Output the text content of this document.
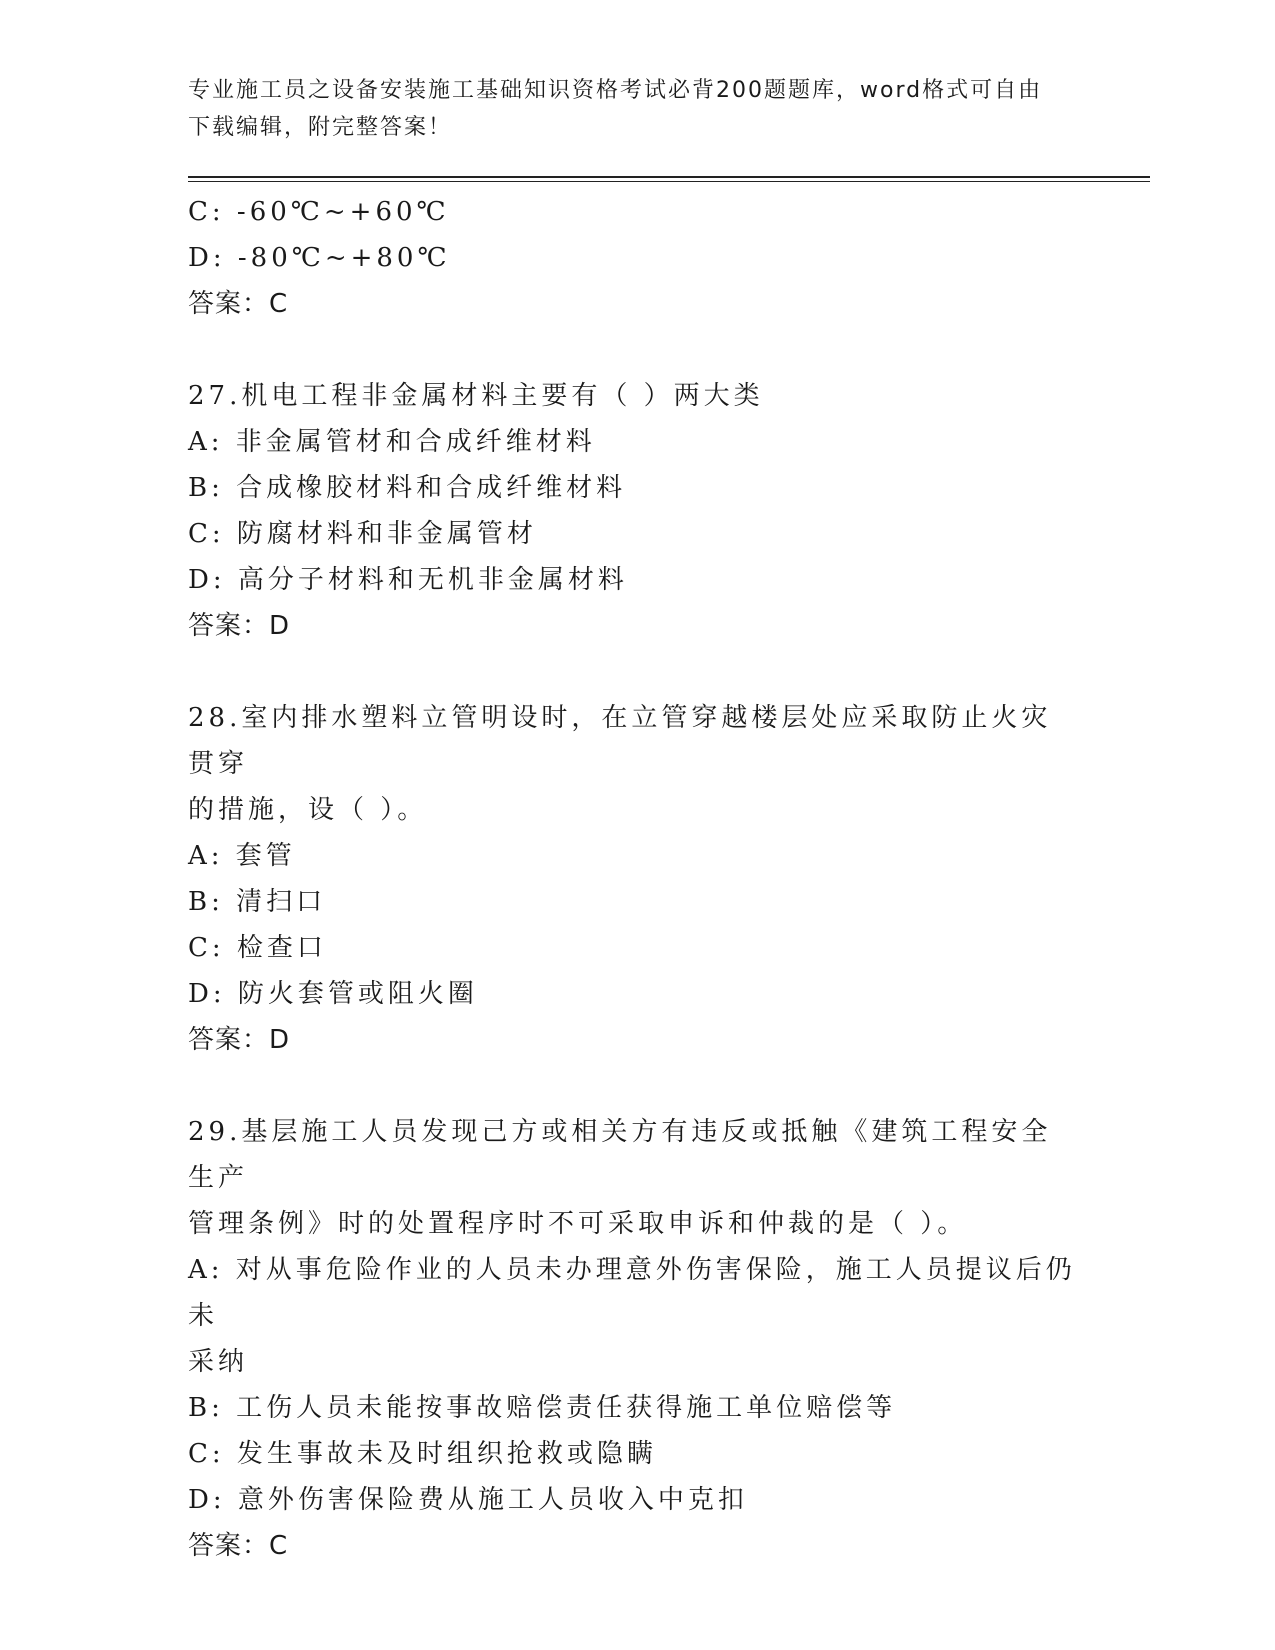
专业施工员之设备安装施工基础知识资格考试必背200题题库，word格式可自由
下载编辑，附完整答案！
C: -60℃~+60℃
D: -80℃~+80℃
答案：C
27.机电工程非金属材料主要有（ ）两大类
A: 非金属管材和合成纤维材料
B: 合成橡胶材料和合成纤维材料
C: 防腐材料和非金属管材
D: 高分子材料和无机非金属材料
答案：D
28.室内排水塑料立管明设时，在立管穿越楼层处应采取防止火灾贯穿
的措施，设（ ）。
A: 套管
B: 清扫口
C: 检查口
D: 防火套管或阻火圈
答案：D
29.基层施工人员发现己方或相关方有违反或抵触《建筑工程安全生产
管理条例》时的处置程序时不可采取申诉和仲裁的是（ ）。
A: 对从事危险作业的人员未办理意外伤害保险，施工人员提议后仍未
采纳
B: 工伤人员未能按事故赔偿责任获得施工单位赔偿等
C: 发生事故未及时组织抢救或隐瞒
D: 意外伤害保险费从施工人员收入中克扣
答案：C
